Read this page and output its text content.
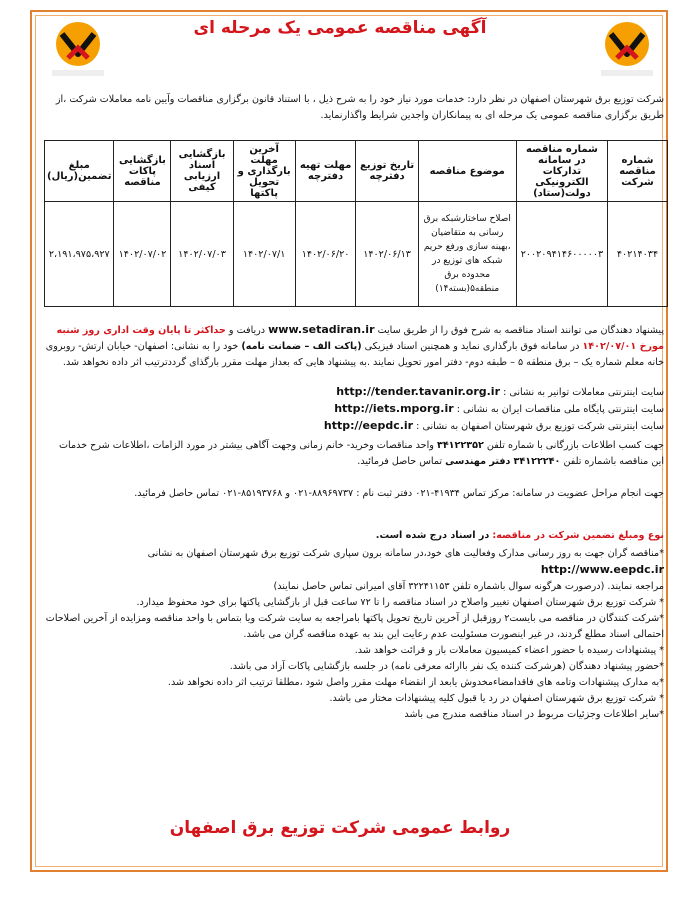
آگهی مناقصه عمومی یک مرحله ای
شرکت توزیع برق شهرستان اصفهان در نظر دارد: خدمات مورد نیاز خود را به شرح ذیل ، با استناد قانون برگزاری مناقصات وآیین نامه معاملات شرکت ،از طریق برگزاری مناقصه عمومی یک مرحله ای به پیمانکاران واجدین شرایط واگذارنماید.
شماره مناقصه شرکت	شماره مناقصه در سامانه تدارکات الکترونیکی دولت(ستاد)	موضوع مناقصه	تاریخ توزیع دفترچه	مهلت تهیه دفترچه	آخرین مهلت بارگذاری و تحویل پاکتها	بازگشایی اسناد ارزیابی کیفی	بازگشایی پاکات مناقصه	مبلغ تضمین(ریال)
۴۰۲۱۴۰۳۴	۲۰۰۲۰۹۴۱۴۶۰۰۰۰۰۳	اصلاح ساختارشبکه برق رسانی به متقاضیان ،بهینه سازی ورفع حریم شبکه های توزیع در محدوده برق منطقه۵(بسته۱۴)	۱۴۰۲/۰۶/۱۳	۱۴۰۲/۰۶/۲۰	۱۴۰۲/۰۷/۱	۱۴۰۲/۰۷/۰۳	۱۴۰۲/۰۷/۰۲	۲،۱۹۱،۹۷۵،۹۲۷
پیشنهاد دهندگان می توانند اسناد مناقصه به شرح فوق را از طریق سایت www.setadiran.ir دریافت و حداکثر تا پایان وقت اداری روز شنبه مورخ ۱۴۰۲/۰۷/۰۱ در سامانه فوق بارگذاری نماید و همچنین اسناد فیزیکی (پاکت الف – ضمانت نامه) خود را به نشانی: اصفهان- خیابان ارتش- روبروی خانه معلم شماره یک – برق منطقه ۵ – طبقه دوم- دفتر امور تحویل نمایند .به پیشنهاد هایی که بعداز مهلت مقرر بارگذای گرددترتیب اثر داده نخواهد شد.

سایت اینترنتی معاملات توانیر به نشانی : http://tender.tavanir.org.ir

سایت اینترنتی پایگاه ملی مناقصات ایران به نشانی : http://iets.mporg.ir

سایت اینترنتی شرکت توزیع برق شهرستان اصفهان به نشانی : http://eepdc.ir

جهت کسب اطلاعات بازرگانی با شماره تلفن ۳۴۱۲۲۳۵۲ واحد مناقصات وخرید- خانم زمانی وجهت آگاهی بیشتر در مورد الزامات ،اطلاعات شرح خدمات این مناقصه باشماره تلفن ۳۴۱۲۲۲۴۰ دفتر مهندسی تماس حاصل فرمائید.
جهت انجام مراحل عضویت در سامانه: مرکز تماس ۴۱۹۳۴-۰۲۱ دفتر ثبت نام : ۸۸۹۶۹۷۳۷-۰۲۱ و ۸۵۱۹۳۷۶۸-۰۲۱ تماس حاصل فرمائید.
نوع ومبلغ تضمین شرکت در مناقصه: در اسناد درج شده است.

*مناقصه گران جهت به روز رسانی مدارک وفعالیت های خود،در سامانه برون سپاری شرکت توزیع برق شهرستان اصفهان به نشانی http://www.eepdc.ir

مراجعه نمایند. (درصورت هرگونه سوال باشماره تلفن ۳۲۲۴۱۱۵۳ آقای امیرانی تماس حاصل نمایند)

* شرکت توزیع برق شهرستان اصفهان تغییر واصلاح در اسناد مناقصه را تا ۷۲ ساعت قبل از بازگشایی پاکتها برای خود محفوظ میدارد.

*شرکت کنندگان در مناقصه می بایست۲ روزقبل از آخرین تاریخ تحویل پاکتها بامراجعه به سایت شرکت ویا بتماس با واحد مناقصه ومزایده از آخرین اصلاحات احتمالی اسناد مطلع گردند، در غیر اینصورت مسئولیت عدم رعایت این بند به عهده مناقصه گران می باشد.

* پیشنهادات رسیده با حضور اعضاء کمیسیون معاملات باز و قرائت خواهد شد.

*حضور پیشنهاد دهندگان (هرشرکت کننده یک نفر باارائه معرفی نامه) در جلسه بازگشایی پاکات آزاد می باشد.

*به مدارک پیشنهادات وتامه های فاقدامضاءمخدوش یابعد از انقضاء مهلت مقرر واصل شود ،مطلقا ترتیب اثر داده نخواهد شد.

* شرکت توزیع برق شهرستان اصفهان در رد یا قبول کلیه پیشنهادات مختار می باشد.

*سایر اطلاعات وجزئیات مربوط در اسناد مناقصه مندرج می باشد

روابط عمومی شرکت توزیع برق اصفهان
